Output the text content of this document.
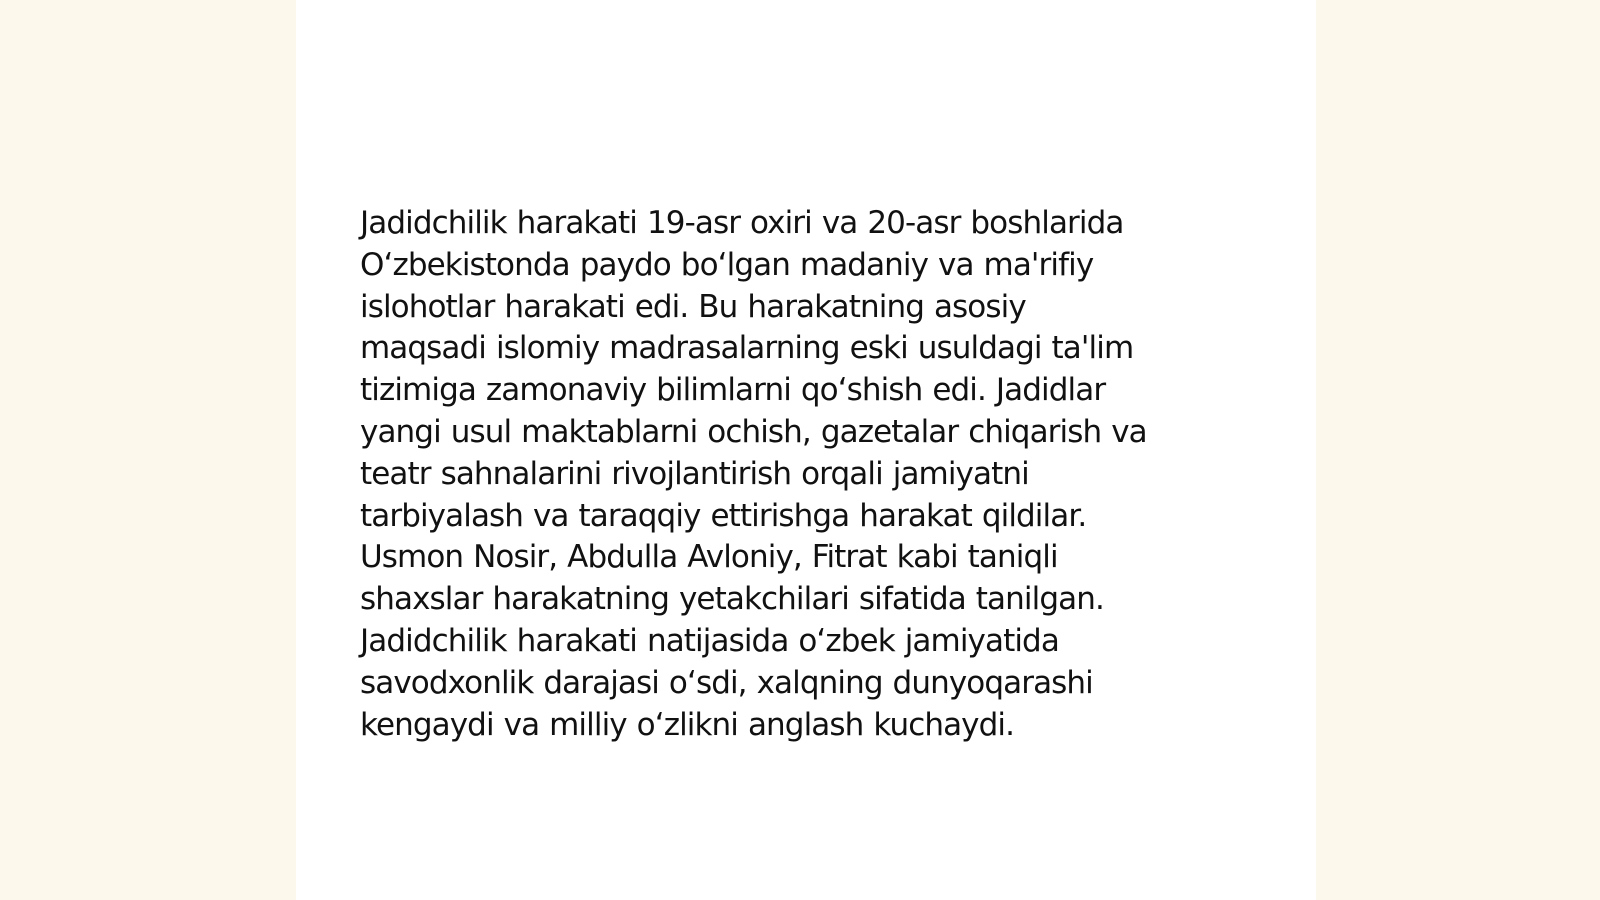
Jadidchilik harakati 19-asr oxiri va 20-asr boshlarida
O‘zbekistonda paydo bo‘lgan madaniy va ma'rifiy
islohotlar harakati edi. Bu harakatning asosiy
maqsadi islomiy madrasalarning eski usuldagi ta'lim
tizimiga zamonaviy bilimlarni qo‘shish edi. Jadidlar
yangi usul maktablarni ochish, gazetalar chiqarish va
teatr sahnalarini rivojlantirish orqali jamiyatni
tarbiyalash va taraqqiy ettirishga harakat qildilar.
Usmon Nosir, Abdulla Avloniy, Fitrat kabi taniqli
shaxslar harakatning yetakchilari sifatida tanilgan.
Jadidchilik harakati natijasida o‘zbek jamiyatida
savodxonlik darajasi o‘sdi, xalqning dunyoqarashi
kengaydi va milliy o‘zlikni anglash kuchaydi.
